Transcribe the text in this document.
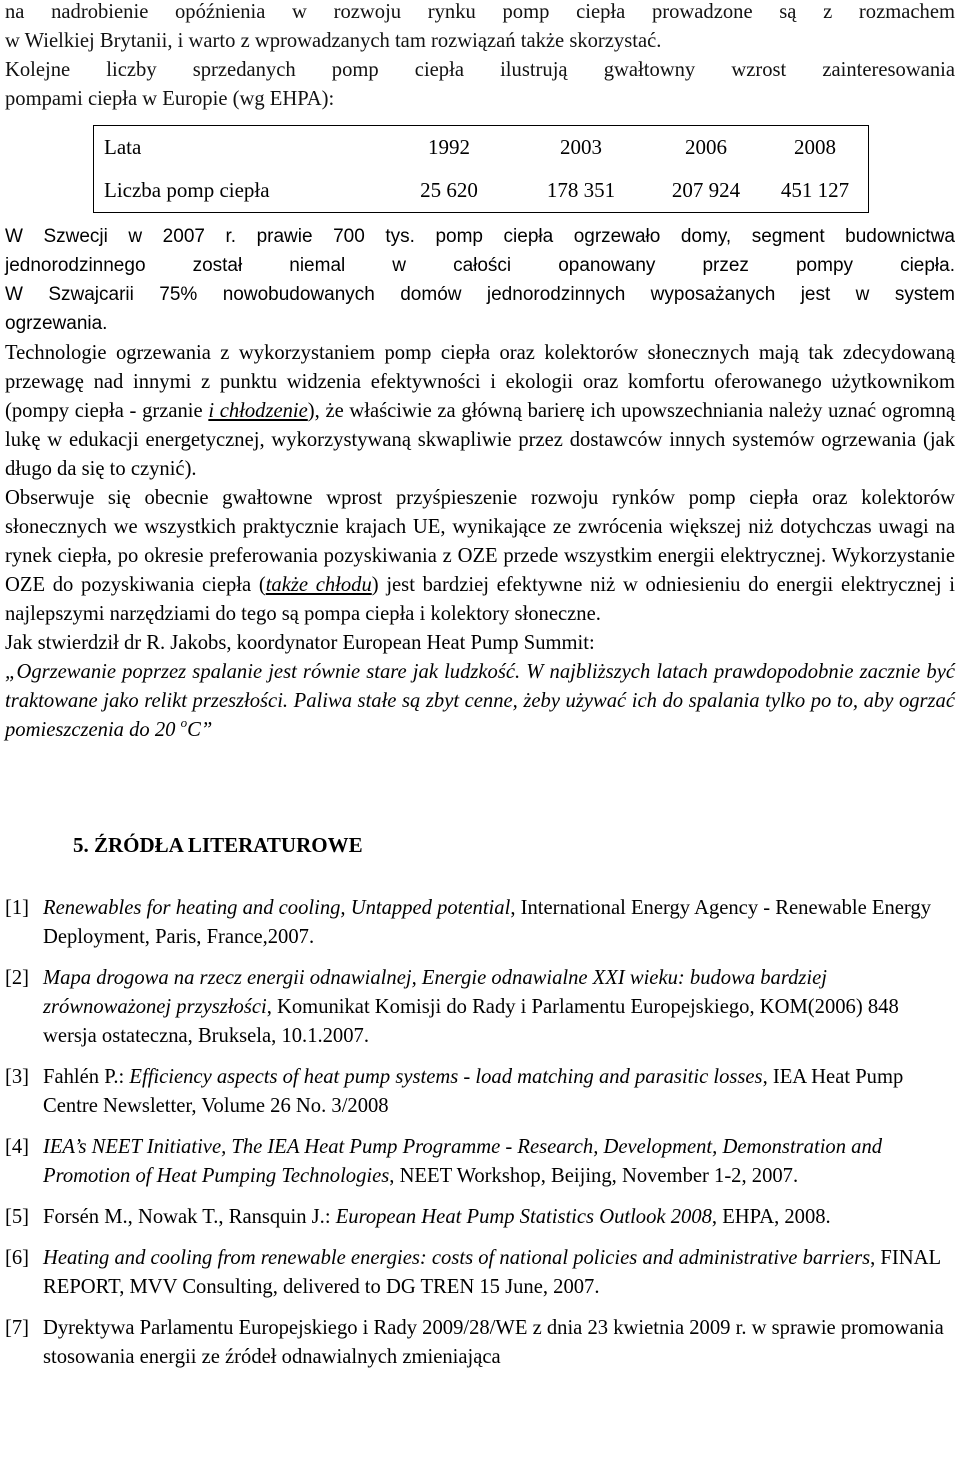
na nadrobienie opóźnienia w rozwoju rynku pomp ciepła prowadzone są z rozmachem

w Wielkiej Brytanii, i warto z wprowadzanych tam rozwiązań także skorzystać.

Kolejne liczby sprzedanych pomp ciepła ilustrują gwałtowny wzrost zainteresowania

pompami ciepła w Europie (wg EHPA):

Lata	1992	2003	2006	2008
Liczba pomp ciepła	25 620	178 351	207 924	451 127

W Szwecji w 2007 r. prawie 700 tys. pomp ciepła ogrzewało domy, segment budownictwa

jednorodzinnego został niemal w całości opanowany przez pompy ciepła.

W Szwajcarii 75% nowobudowanych domów jednorodzinnych wyposażanych jest w system

ogrzewania.

Technologie ogrzewania z wykorzystaniem pomp ciepła oraz kolektorów słonecznych mają tak zdecydowaną przewagę nad innymi z punktu widzenia efektywności i ekologii oraz komfortu oferowanego użytkownikom (pompy ciepła - grzanie i chłodzenie), że właściwie za główną barierę ich upowszechniania należy uznać ogromną lukę w edukacji energetycznej, wykorzystywaną skwapliwie przez dostawców innych systemów ogrzewania (jak długo da się to czynić).

Obserwuje się obecnie gwałtowne wprost przyśpieszenie rozwoju rynków pomp ciepła oraz kolektorów słonecznych we wszystkich praktycznie krajach UE, wynikające ze zwrócenia większej niż dotychczas uwagi na rynek ciepła, po okresie preferowania pozyskiwania z OZE przede wszystkim energii elektrycznej. Wykorzystanie OZE do pozyskiwania ciepła (także chłodu) jest bardziej efektywne niż w odniesieniu do energii elektrycznej i najlepszymi narzędziami do tego są pompa ciepła i kolektory słoneczne.

Jak stwierdził dr R. Jakobs, koordynator European Heat Pump Summit:

„Ogrzewanie poprzez spalanie jest równie stare jak ludzkość. W najbliższych latach prawdopodobnie zacznie być traktowane jako relikt przeszłości. Paliwa stałe są zbyt cenne, żeby używać ich do spalania tylko po to, aby ogrzać pomieszczenia do 20 $^o$C”

5. ŹRÓDŁA LITERATUROWE
[1] Renewables for heating and cooling, Untapped potential, International Energy Agency - Renewable Energy Deployment, Paris, France,2007.
[2] Mapa drogowa na rzecz energii odnawialnej, Energie odnawialne XXI wieku: budowa bardziej zrównoważonej przyszłości, Komunikat Komisji do Rady i Parlamentu Europejskiego, KOM(2006) 848 wersja ostateczna, Bruksela, 10.1.2007.
[3] Fahlén P.: Efficiency aspects of heat pump systems - load matching and parasitic losses, IEA Heat Pump Centre Newsletter, Volume 26 No. 3/2008
[4] IEA’s NEET Initiative, The IEA Heat Pump Programme - Research, Development, Demonstration and Promotion of Heat Pumping Technologies, NEET Workshop, Beijing, November 1-2, 2007.
[5] Forsén M., Nowak T., Ransquin J.: European Heat Pump Statistics Outlook 2008, EHPA, 2008.
[6] Heating and cooling from renewable energies: costs of national policies and administrative barriers, FINAL REPORT, MVV Consulting, delivered to DG TREN 15 June, 2007.
[7] Dyrektywa Parlamentu Europejskiego i Rady 2009/28/WE z dnia 23 kwietnia 2009 r. w sprawie promowania stosowania energii ze źródeł odnawialnych zmieniająca
